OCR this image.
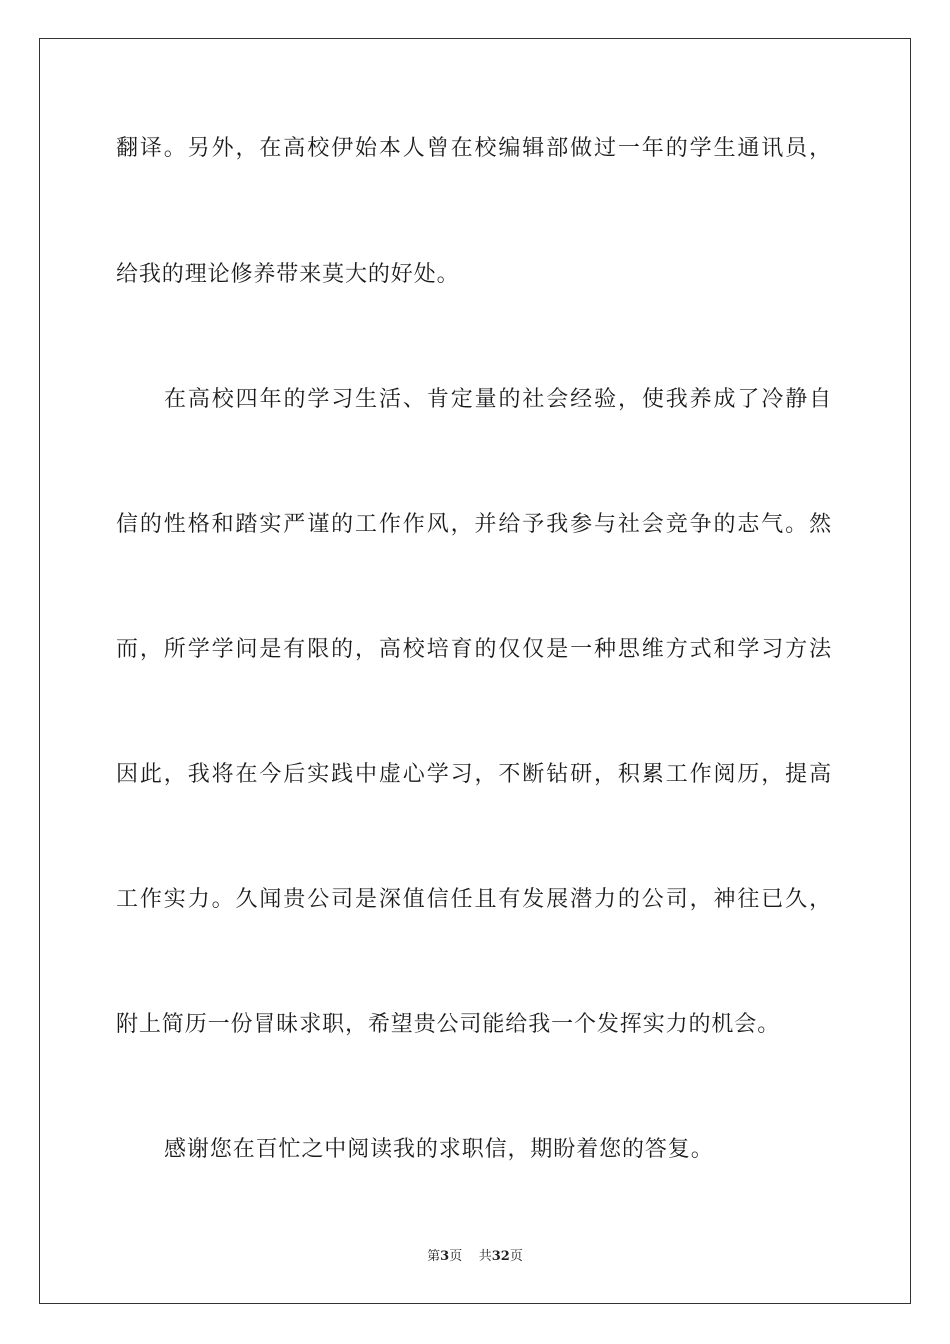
翻译。另外，在高校伊始本人曾在校编辑部做过一年的学生通讯员，
给我的理论修养带来莫大的好处。
在高校四年的学习生活、肯定量的社会经验，使我养成了冷静自
信的性格和踏实严谨的工作作风，并给予我参与社会竞争的志气。然
而，所学学问是有限的，高校培育的仅仅是一种思维方式和学习方法
因此，我将在今后实践中虚心学习，不断钻研，积累工作阅历，提高
工作实力。久闻贵公司是深值信任且有发展潜力的公司，神往已久，
附上简历一份冒昧求职，希望贵公司能给我一个发挥实力的机会。
感谢您在百忙之中阅读我的求职信，期盼着您的答复。
第3页 共32页
